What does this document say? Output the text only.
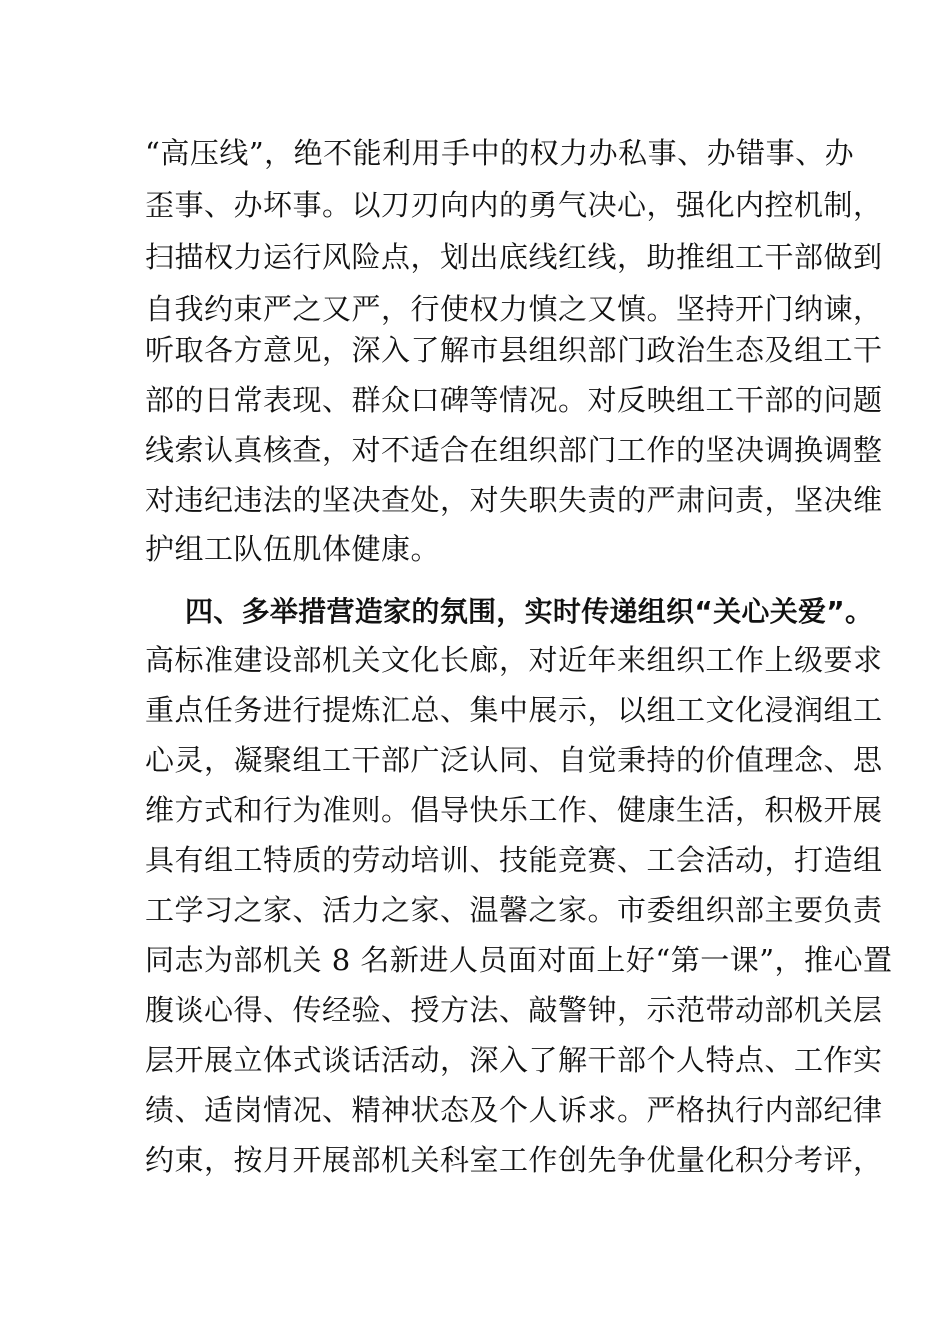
“高压线”，绝不能利用手中的权力办私事、办错事、办
歪事、办坏事。以刀刃向内的勇气决心，强化内控机制，
扫描权力运行风险点，划出底线红线，助推组工干部做到
自我约束严之又严，行使权力慎之又慎。坚持开门纳谏，
听取各方意见，深入了解市县组织部门政治生态及组工干
部的日常表现、群众口碑等情况。对反映组工干部的问题
线索认真核查，对不适合在组织部门工作的坚决调换调整
对违纪违法的坚决查处，对失职失责的严肃问责，坚决维
护组工队伍肌体健康。
四、多举措营造家的氛围，实时传递组织“关心关爱”。
高标准建设部机关文化长廊，对近年来组织工作上级要求
重点任务进行提炼汇总、集中展示，以组工文化浸润组工
心灵，凝聚组工干部广泛认同、自觉秉持的价值理念、思
维方式和行为准则。倡导快乐工作、健康生活，积极开展
具有组工特质的劳动培训、技能竞赛、工会活动，打造组
工学习之家、活力之家、温馨之家。市委组织部主要负责
同志为部机关 8 名新进人员面对面上好“第一课”，推心置
腹谈心得、传经验、授方法、敲警钟，示范带动部机关层
层开展立体式谈话活动，深入了解干部个人特点、工作实
绩、适岗情况、精神状态及个人诉求。严格执行内部纪律
约束，按月开展部机关科室工作创先争优量化积分考评，
